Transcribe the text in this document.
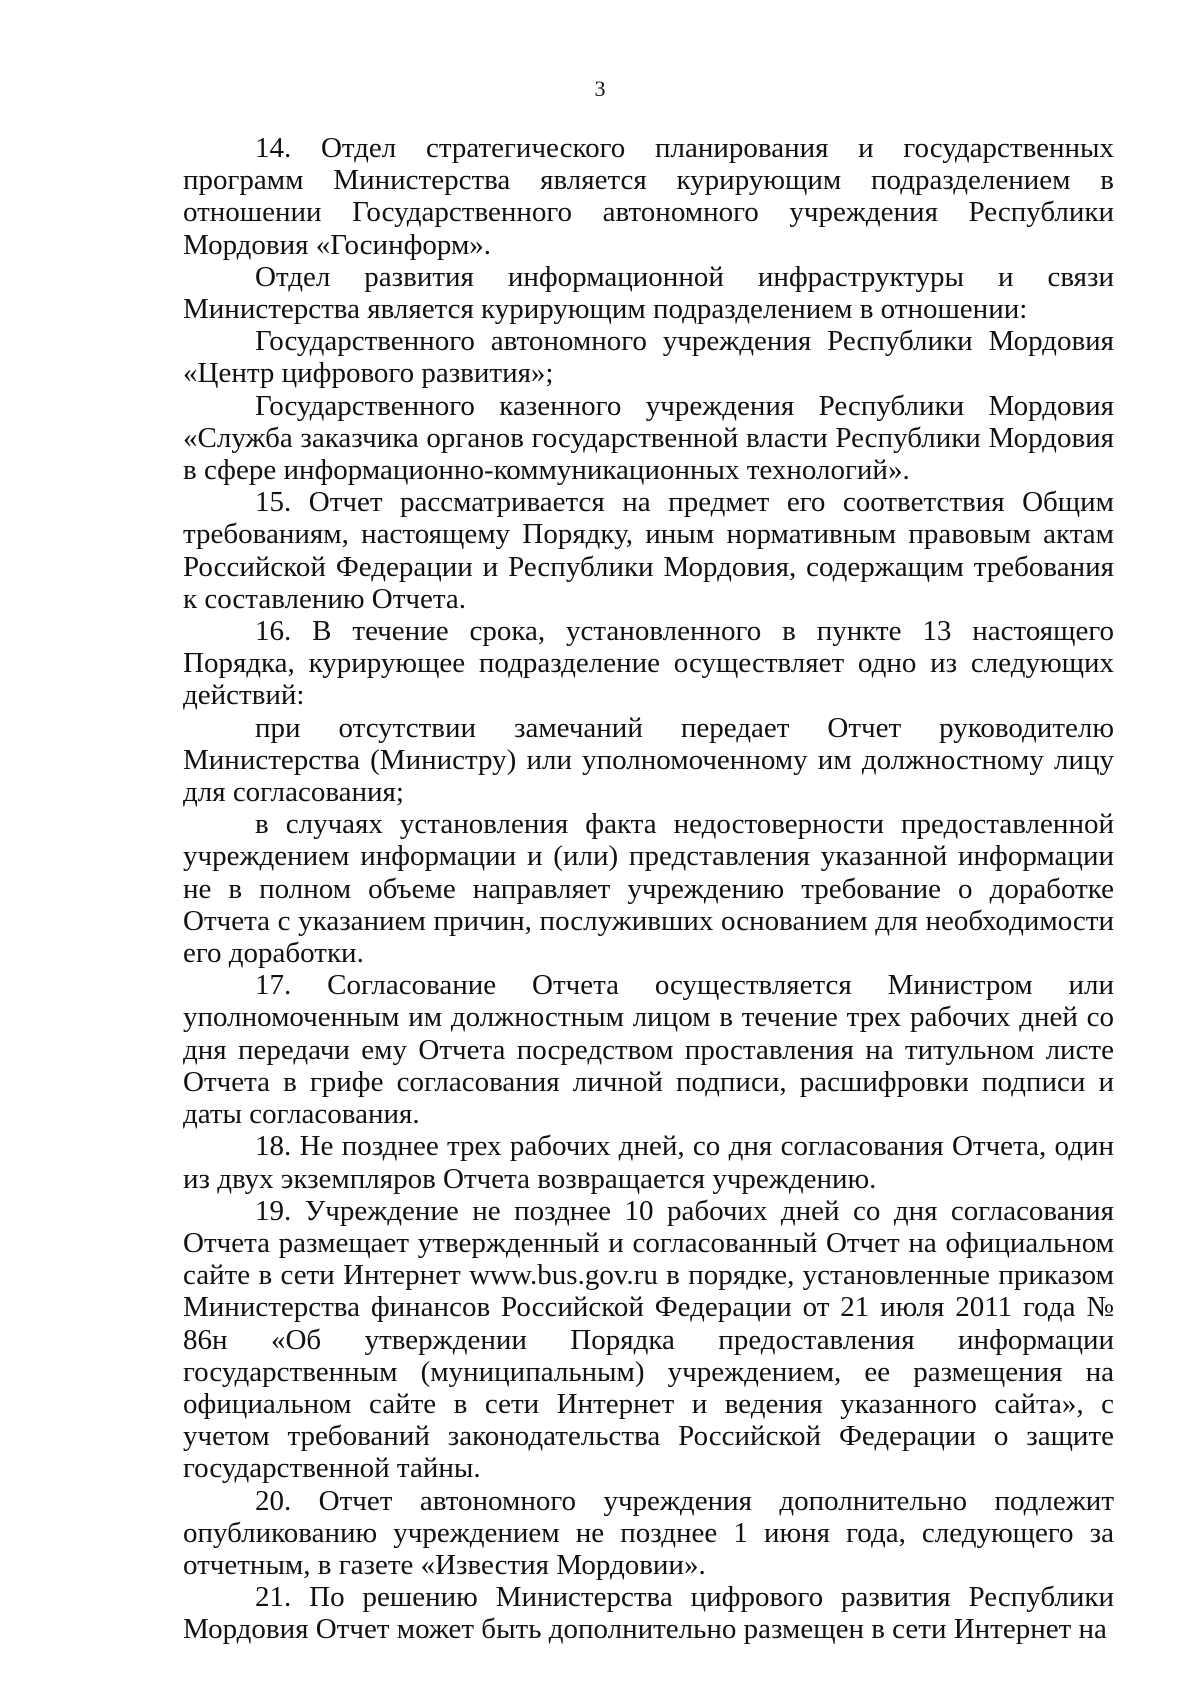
3

14. Отдел стратегического планирования и государственных программ Министерства является курирующим подразделением в отношении Государственного автономного учреждения Республики Мордовия «Госинформ».

Отдел развития информационной инфраструктуры и связи Министерства является курирующим подразделением в отношении:

Государственного автономного учреждения Республики Мордовия «Центр цифрового развития»;

Государственного казенного учреждения Республики Мордовия «Служба заказчика органов государственной власти Республики Мордовия в сфере информационно-коммуникационных технологий».

15. Отчет рассматривается на предмет его соответствия Общим требованиям, настоящему Порядку, иным нормативным правовым актам Российской Федерации и Республики Мордовия, содержащим требования к составлению Отчета.

16. В течение срока, установленного в пункте 13 настоящего Порядка, курирующее подразделение осуществляет одно из следующих действий:

при отсутствии замечаний передает Отчет руководителю Министерства (Министру) или уполномоченному им должностному лицу для согласования;

в случаях установления факта недостоверности предоставленной учреждением информации и (или) представления указанной информации не в полном объеме направляет учреждению требование о доработке Отчета с указанием причин, послуживших основанием для необходимости его доработки.

17. Согласование Отчета осуществляется Министром или уполномоченным им должностным лицом в течение трех рабочих дней со дня передачи ему Отчета посредством проставления на титульном листе Отчета в грифе согласования личной подписи, расшифровки подписи и даты согласования.

18. Не позднее трех рабочих дней, со дня согласования Отчета, один из двух экземпляров Отчета возвращается учреждению.

19. Учреждение не позднее 10 рабочих дней со дня согласования Отчета размещает утвержденный и согласованный Отчет на официальном сайте в сети Интернет www.bus.gov.ru в порядке, установленные приказом Министерства финансов Российской Федерации от 21 июля 2011 года № 86н «Об утверждении Порядка предоставления информации государственным (муниципальным) учреждением, ее размещения на официальном сайте в сети Интернет и ведения указанного сайта», с учетом требований законодательства Российской Федерации о защите государственной тайны.

20. Отчет автономного учреждения дополнительно подлежит опубликованию учреждением не позднее 1 июня года, следующего за отчетным, в газете «Известия Мордовии».

21. По решению Министерства цифрового развития Республики Мордовия Отчет может быть дополнительно размещен в сети Интернет на
